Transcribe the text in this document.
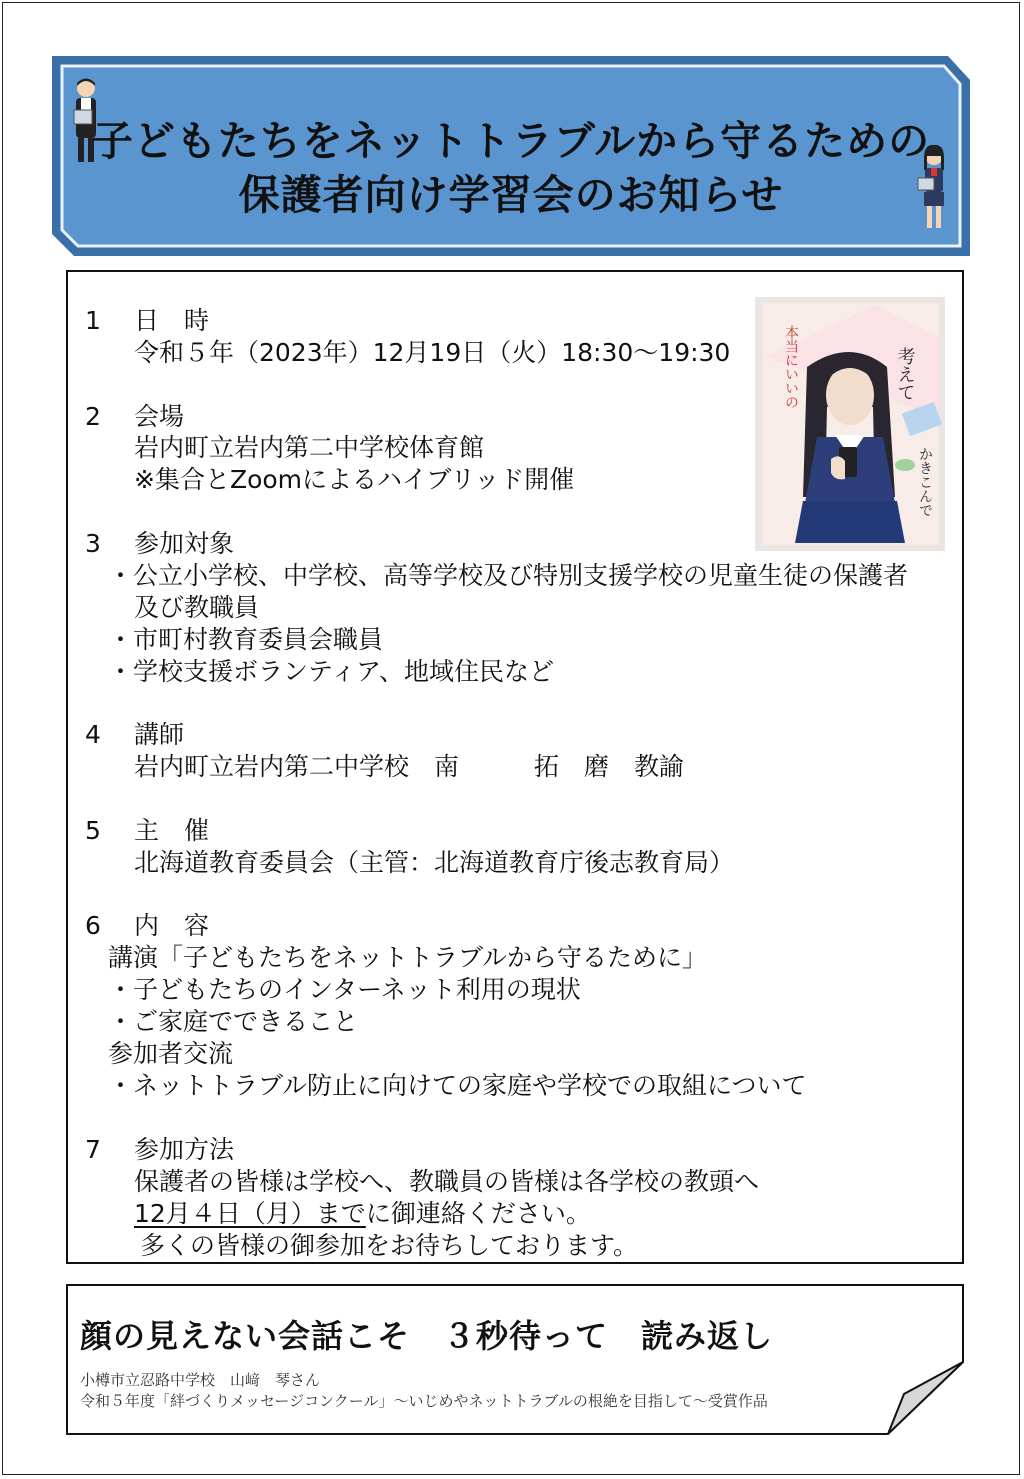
子どもたちをネットトラブルから守るための
保護者向け学習会のお知らせ
1 日　時
令和５年（2023年）12月19日（火）18:30～19:30
2 会場
岩内町立岩内第二中学校体育館
※集合とZoomによるハイブリッド開催
3 参加対象
・公立小学校、中学校、高等学校及び特別支援学校の児童生徒の保護者
及び教職員
・市町村教育委員会職員
・学校支援ボランティア、地域住民など
4 講師
岩内町立岩内第二中学校　南　　　拓　磨　教諭
5 主　催
北海道教育委員会（主管：北海道教育庁後志教育局）
6 内　容
講演「子どもたちをネットトラブルから守るために」
・子どもたちのインターネット利用の現状
・ご家庭でできること
参加者交流
・ネットトラブル防止に向けての家庭や学校での取組について
7 参加方法
保護者の皆様は学校へ、教職員の皆様は各学校の教頭へ
12月４日（月）までに御連絡ください。
多くの皆様の御参加をお待ちしております。
考えて
本当にいいの
かきこんで
顔の見えない会話こそ　３秒待って　読み返し
小樽市立忍路中学校　山﨑　琴さん
令和５年度「絆づくりメッセージコンクール」～いじめやネットトラブルの根絶を目指して～受賞作品
